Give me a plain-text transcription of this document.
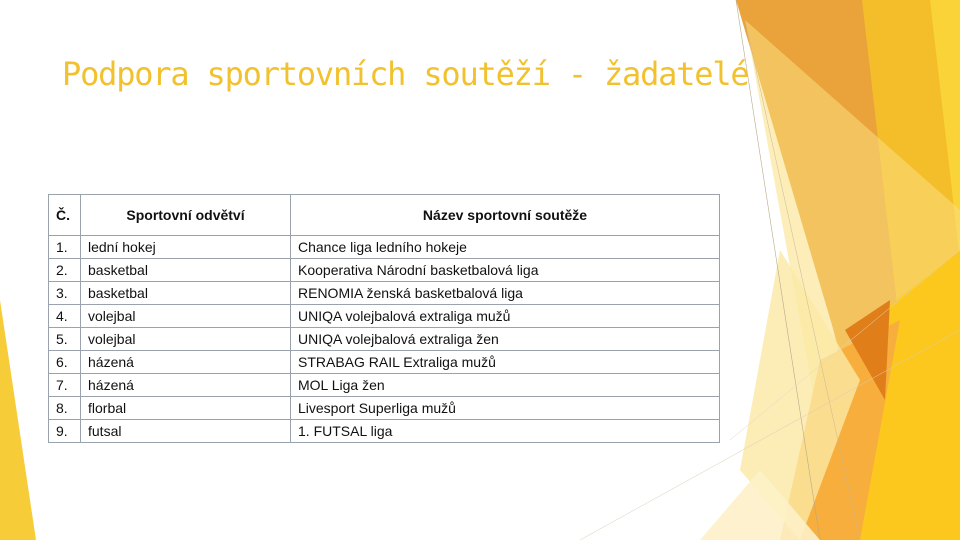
Podpora sportovních soutěží - žadatelé
Č.	Sportovní odvětví	Název sportovní soutěže
1.	lední hokej	Chance liga ledního hokeje
2.	basketbal	Kooperativa Národní basketbalová liga
3.	basketbal	RENOMIA ženská basketbalová liga
4.	volejbal	UNIQA volejbalová extraliga mužů
5.	volejbal	UNIQA volejbalová extraliga žen
6.	házená	STRABAG RAIL Extraliga mužů
7.	házená	MOL Liga žen
8.	florbal	Livesport Superliga mužů
9.	futsal	1. FUTSAL liga
